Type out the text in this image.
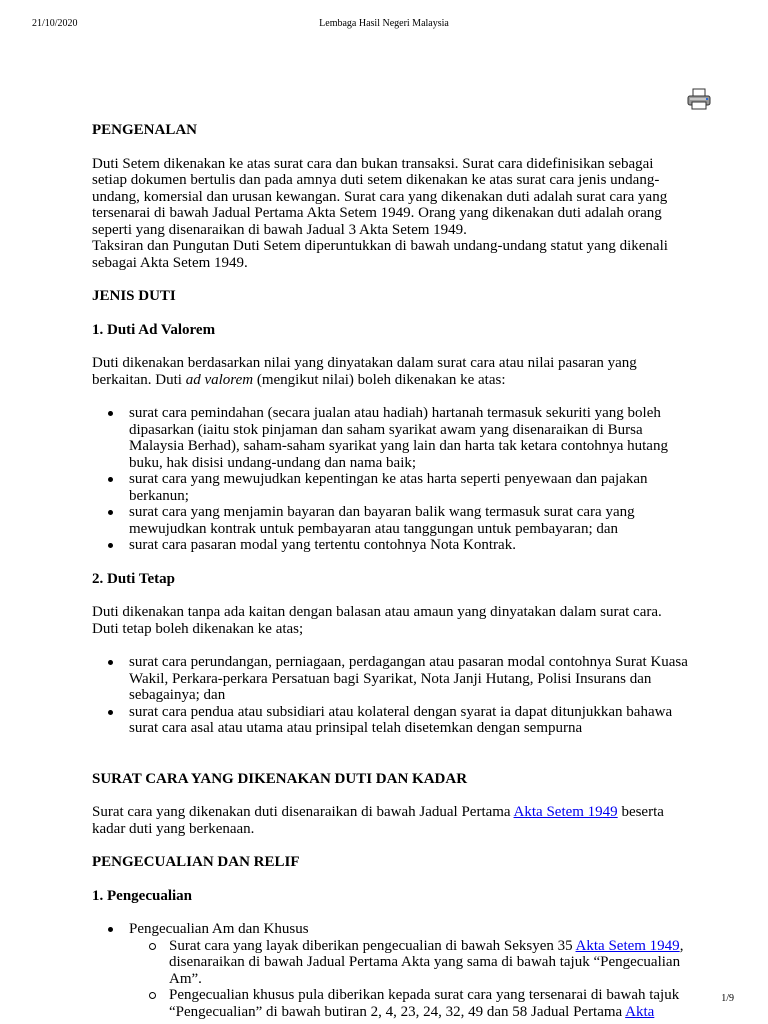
21/10/2020	Lembaga Hasil Negeri Malaysia
PENGENALAN

Duti Setem dikenakan ke atas surat cara dan bukan transaksi. Surat cara didefinisikan sebagai setiap dokumen bertulis dan pada amnya duti setem dikenakan ke atas surat cara jenis undang-undang, komersial dan urusan kewangan. Surat cara yang dikenakan duti adalah surat cara yang tersenarai di bawah Jadual Pertama Akta Setem 1949. Orang yang dikenakan duti adalah orang seperti yang disenaraikan di bawah Jadual 3 Akta Setem 1949.

Taksiran dan Pungutan Duti Setem diperuntukkan di bawah undang-undang statut yang dikenali sebagai Akta Setem 1949.

JENIS DUTI
1. Duti Ad Valorem

Duti dikenakan berdasarkan nilai yang dinyatakan dalam surat cara atau nilai pasaran yang berkaitan. Duti ad valorem (mengikut nilai) boleh dikenakan ke atas:

surat cara pemindahan (secara jualan atau hadiah) hartanah termasuk sekuriti yang boleh dipasarkan (iaitu stok pinjaman dan saham syarikat awam yang disenaraikan di Bursa Malaysia Berhad), saham-saham syarikat yang lain dan harta tak ketara contohnya hutang buku, hak disisi undang-undang dan nama baik;
surat cara yang mewujudkan kepentingan ke atas harta seperti penyewaan dan pajakan berkanun;
surat cara yang menjamin bayaran dan bayaran balik wang termasuk surat cara yang mewujudkan kontrak untuk pembayaran atau tanggungan untuk pembayaran; dan
surat cara pasaran modal yang tertentu contohnya Nota Kontrak.
2. Duti Tetap

Duti dikenakan tanpa ada kaitan dengan balasan atau amaun yang dinyatakan dalam surat cara. Duti tetap boleh dikenakan ke atas;

surat cara perundangan, perniagaan, perdagangan atau pasaran modal contohnya Surat Kuasa Wakil, Perkara-perkara Persatuan bagi Syarikat, Nota Janji Hutang, Polisi Insurans dan sebagainya; dan
surat cara pendua atau subsidiari atau kolateral dengan syarat ia dapat ditunjukkan bahawa surat cara asal atau utama atau prinsipal telah disetemkan dengan sempurna
SURAT CARA YANG DIKENAKAN DUTI DAN KADAR

Surat cara yang dikenakan duti disenaraikan di bawah Jadual Pertama Akta Setem 1949 beserta kadar duti yang berkenaan.

PENGECUALIAN DAN RELIF
1. Pengecualian
Pengecualian Am dan Khusus
Surat cara yang layak diberikan pengecualian di bawah Seksyen 35 Akta Setem 1949, disenaraikan di bawah Jadual Pertama Akta yang sama di bawah tajuk “Pengecualian Am”.
Pengecualian khusus pula diberikan kepada surat cara yang tersenarai di bawah tajuk “Pengecualian” di bawah butiran 2, 4, 23, 24, 32, 49 dan 58 Jadual Pertama Akta
1/9
